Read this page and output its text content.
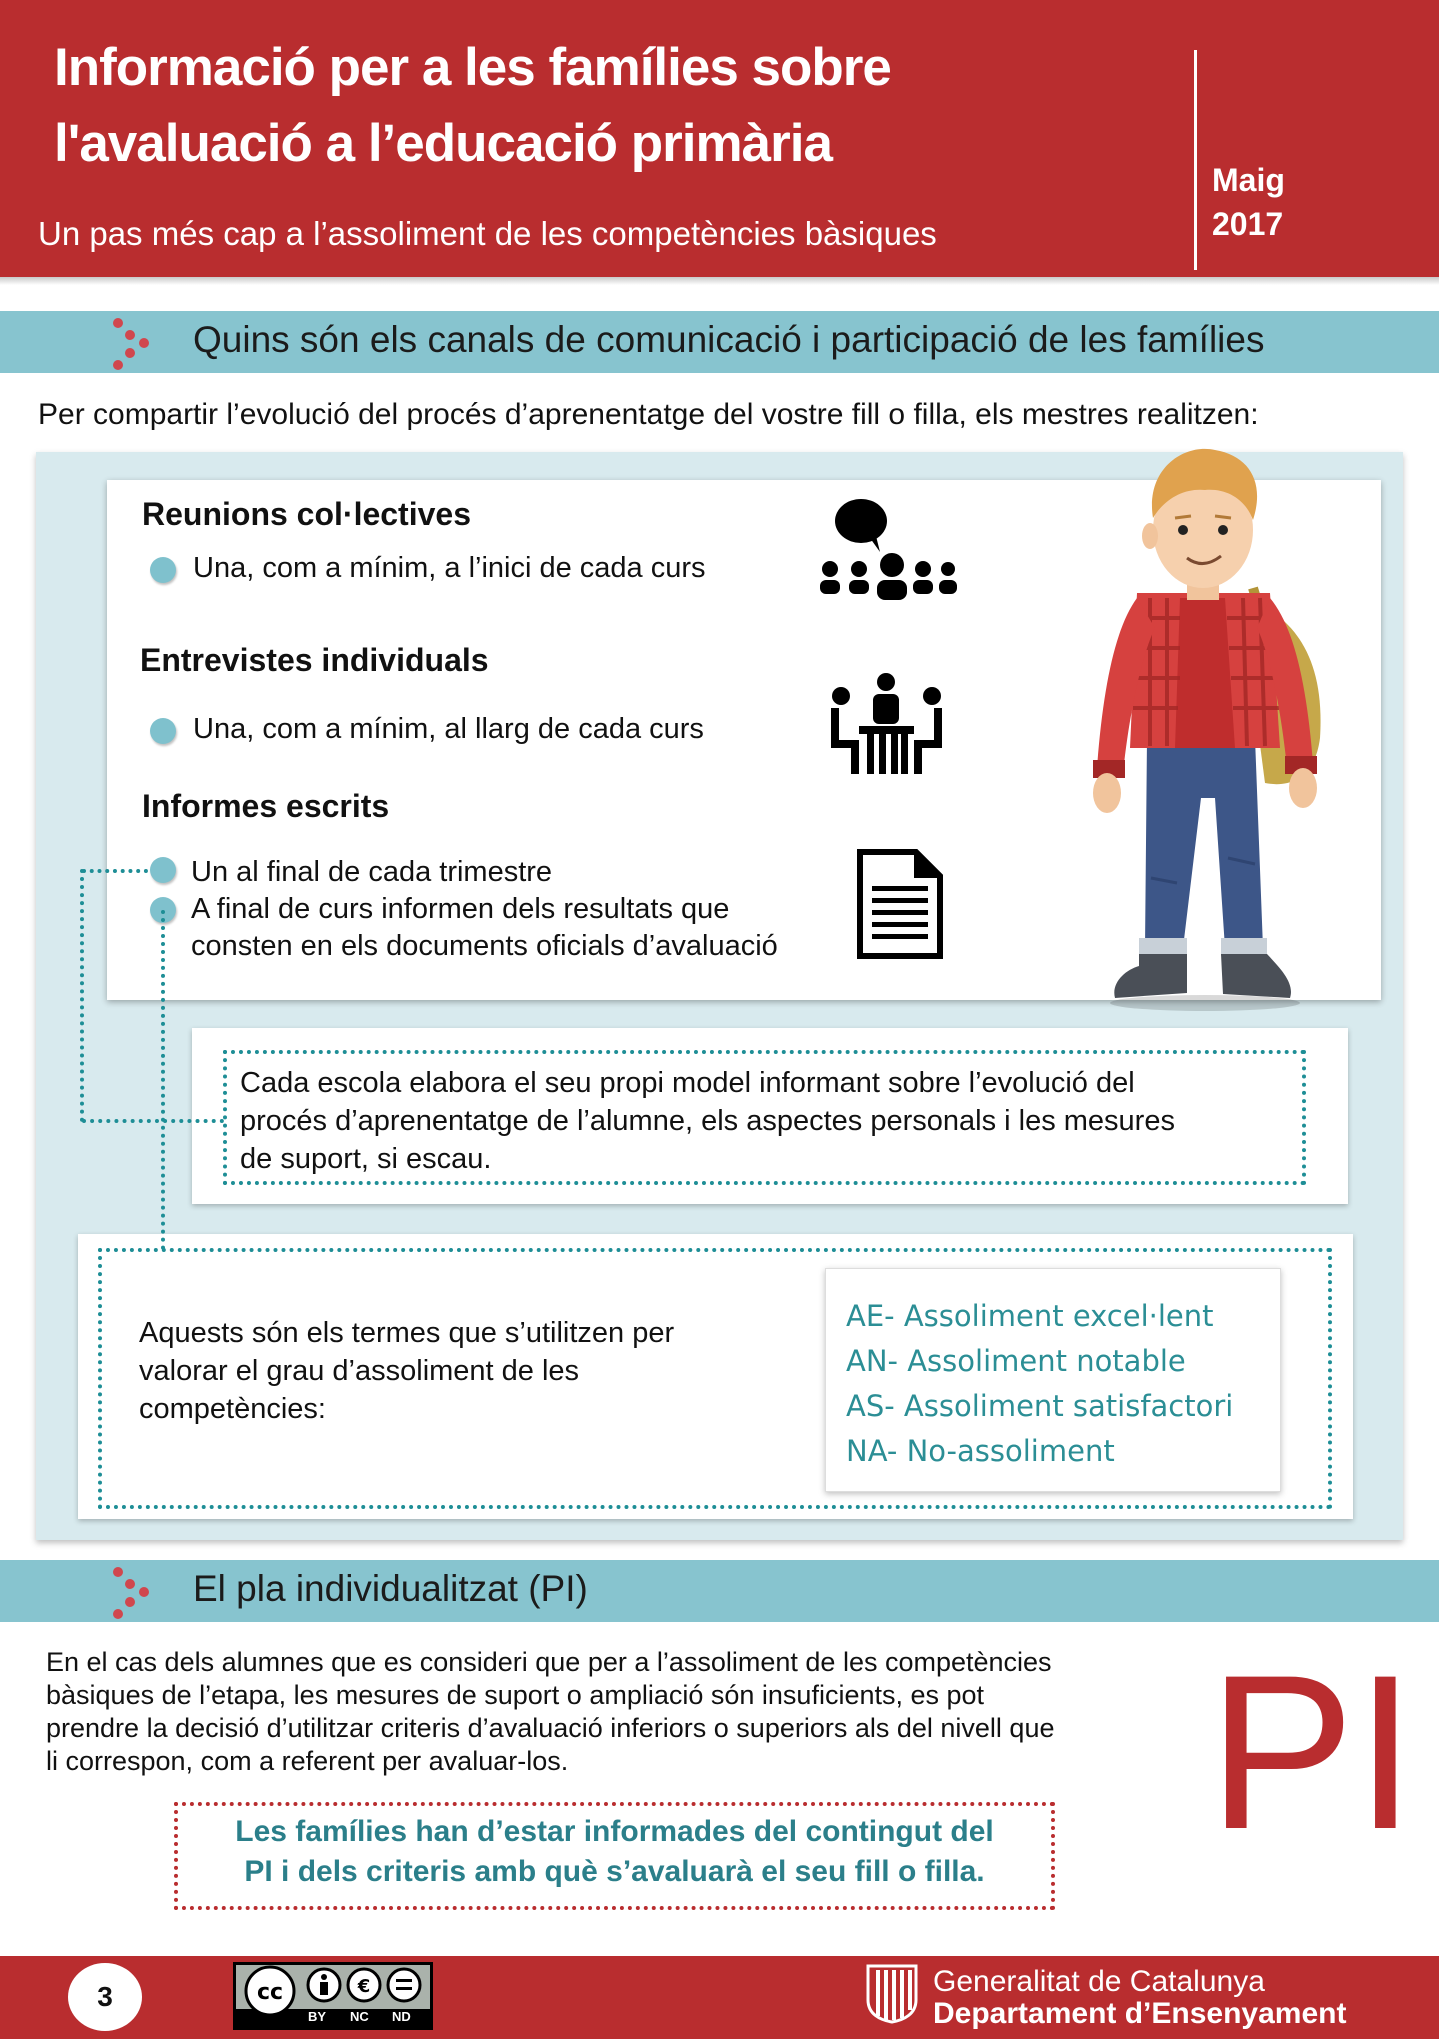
Informació per a les famílies sobre
l'avaluació a l’educació primària
Un pas més cap a l’assoliment de les competències bàsiques
Maig
2017
Quins són els canals de comunicació i participació de les famílies
Per compartir l’evolució del procés d’aprenentatge del vostre fill o filla, els mestres realitzen:
Reunions col·lectives
Una, com a mínim, a l’inici de cada curs
Entrevistes individuals
Una, com a mínim, al llarg de cada curs
Informes escrits
Un al final de cada trimestre
A final de curs informen dels resultats que
consten en els documents oficials d’avaluació
Cada escola elabora el seu propi model informant sobre l’evolució del
procés d’aprenentatge de l’alumne, els aspectes personals i les mesures
de suport, si escau.
Aquests són els termes que s’utilitzen per
valorar el grau d’assoliment de les
competències:
AE- Assoliment excel·lent
AN- Assoliment notable
AS- Assoliment satisfactori
NA- No-assoliment
El pla individualitzat (PI)
En el cas dels alumnes que es consideri que per a l’assoliment de les competències
bàsiques de l’etapa, les mesures de suport o ampliació són insuficients, es pot
prendre la decisió d’utilitzar criteris d’avaluació inferiors o superiors als del nivell que
li correspon, com a referent per avaluar-los.	PI
Les famílies han d’estar informades del contingut del
PI i dels criteris amb què s’avaluarà el seu fill o filla.
3	cc	€
BY NC ND
Generalitat de Catalunya
Departament d’Ensenyament
